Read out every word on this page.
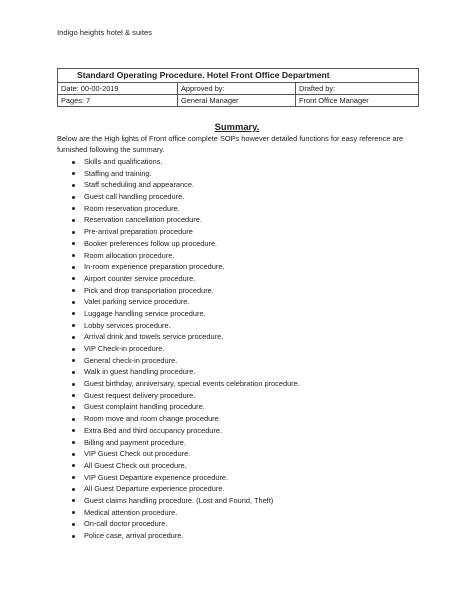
Indigo heights hotel & suites
Standard Operating Procedure. Hotel Front Office Department		
Date: 00-00-2019	Approved by:	Drafted by:
Pages: 7	General Manager	Front Office Manager
Summary.
Below are the High lights of Front office complete SOPs however detailed functions for easy reference are furnished following the summary.
Skills and qualifications.
Staffing and training.
Staff scheduling and appearance.
Guest call handling procedure.
Room reservation procedure.
Reservation cancellation procedure.
Pre-arrival preparation procedure
Booker preferences follow up procedure.
Room allocation procedure.
In-room experience preparation procedure.
Airport counter service procedure.
Pick and drop transportation procedure.
Valet parking service procedure.
Luggage handling service procedure.
Lobby services procedure.
Arrival drink and towels service procedure.
VIP Check-in procedure.
General check-in procedure.
Walk in guest handling procedure.
Guest birthday, anniversary, special events celebration procedure.
Guest request delivery procedure.
Guest complaint handling procedure.
Room move and room change procedure.
Extra Bed and third occupancy procedure.
Billing and payment procedure.
VIP Guest Check out procedure.
All Guest Check out procedure.
VIP Guest Departure experience procedure.
All Guest Departure experience procedure.
Guest claims handling procedure. (Lost and Found, Theft)
Medical attention procedure.
On-call doctor procedure.
Police case, arrival procedure.
